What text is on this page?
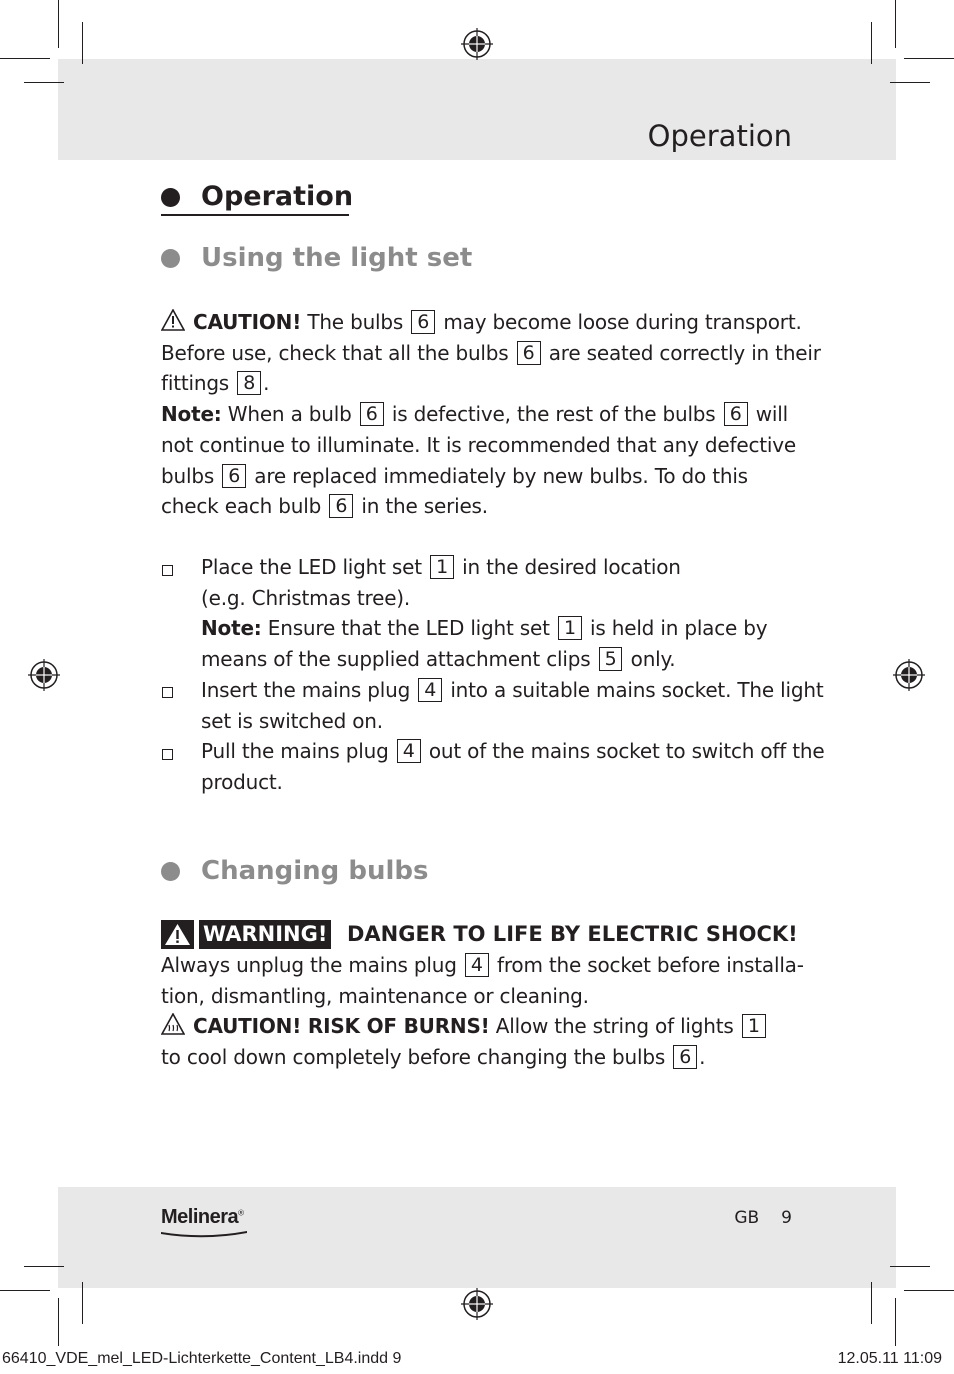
Operation
Operation
Using the light set
CAUTION! The bulbs 6 may become loose during transport.
Before use, check that all the bulbs 6 are seated correctly in their
fittings 8 .
Note: When a bulb 6 is defective, the rest of the bulbs 6 will
not continue to illuminate. It is recommended that any defective
bulbs 6 are replaced immediately by new bulbs. To do this
check each bulb 6 in the series.
Place the LED light set 1 in the desired location
(e.g. Christmas tree).
Note: Ensure that the LED light set 1 is held in place by
means of the supplied attachment clips 5 only.
Insert the mains plug 4 into a suitable mains socket. The light
set is switched on.
Pull the mains plug 4 out of the mains socket to switch off the
product.
Changing bulbs
WARNING! DANGER TO LIFE BY ELECTRIC SHOCK!
Always unplug the mains plug 4 from the socket before installa-
tion, dismantling, maintenance or cleaning.
CAUTION! RISK OF BURNS! Allow the string of lights 1
to cool down completely before changing the bulbs 6 .
Melinera®	GB 9
66410_VDE_mel_LED-Lichterkette_Content_LB4.indd 9	12.05.11 11:09
